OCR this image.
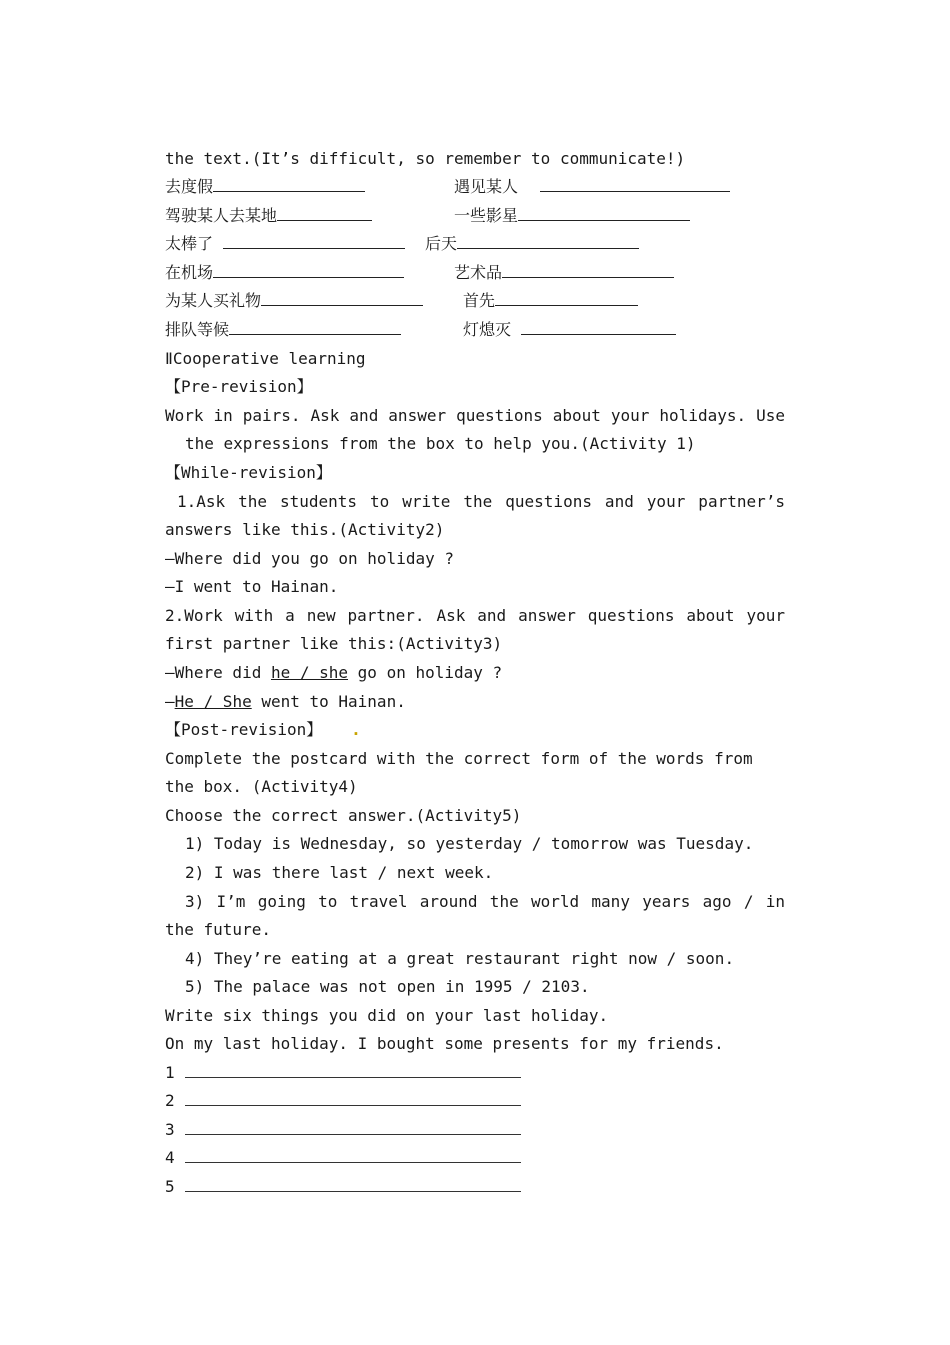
the text.(It’s difficult, so remember to communicate!)
去度假	遇见某人
驾驶某人去某地	一些影星
太棒了	后天
在机场	艺术品
为某人买礼物	首先
排队等候	灯熄灭
ⅡCooperative learning
【Pre-revision】
Work in pairs. Ask and answer questions about your holidays. Use
the expressions from the box to help you.(Activity 1)
【While-revision】
1.Ask the students to write the questions and your partner’s
answers like this.(Activity2)
—Where did you go on holiday ?
—I went to Hainan.
2.Work with a new partner. Ask and answer questions about your
first partner like this:(Activity3)
—Where did he / she go on holiday ?
—He / She went to Hainan.
【Post-revision】 .
Complete the postcard with the correct form of the words from
the box. (Activity4)
Choose the correct answer.(Activity5)
1) Today is Wednesday, so yesterday / tomorrow was Tuesday.
2) I was there last / next week.
3) I’m going to travel around the world many years ago / in
the future.
4) They’re eating at a great restaurant right now / soon.
5) The palace was not open in 1995 / 2103.
Write six things you did on your last holiday.
On my last holiday. I bought some presents for my friends.
1
2
3
4
5
